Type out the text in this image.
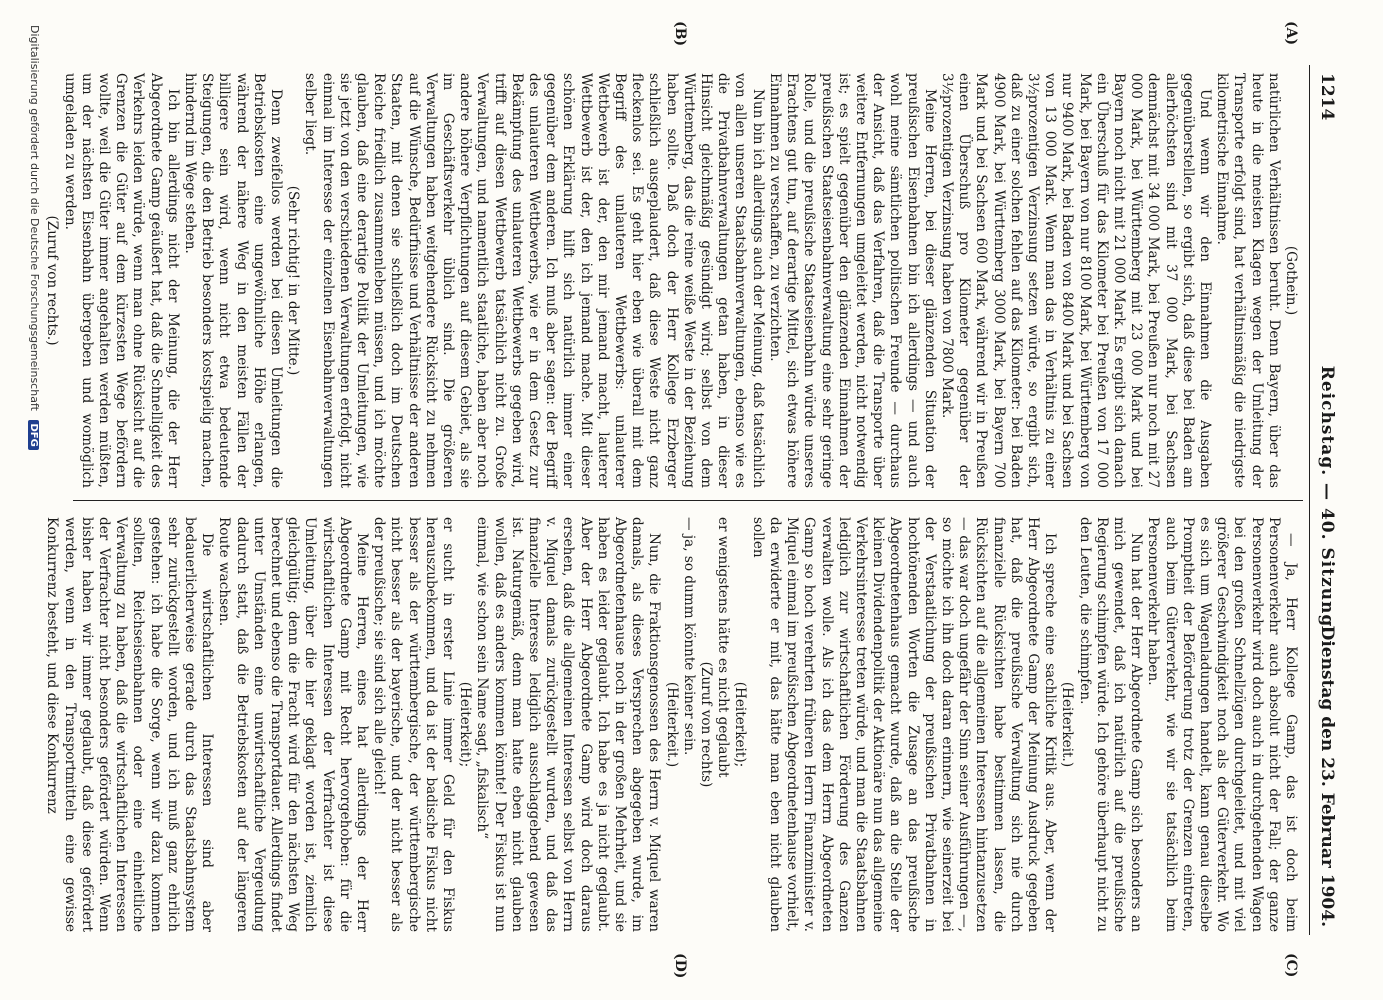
1214
Reichstag. — 40. Sitzung.
Dienstag den 23. Februar 1904.
(A)
(B)
(C)
(D)

(Gothein.)

natürlichen Verhältnissen beruht. Denn Bayern, über das heute in die meisten Klagen wegen der Umleitung der Transporte erfolgt sind, hat verhältnismäßig die niedrigste kilometrische Einnahme.

Und wenn wir den Einnahmen die Ausgaben gegenüberstellen, so ergibt sich, daß diese bei Baden am allerhöchsten sind mit 37 000 Mark, bei Sachsen demnächst mit 34 000 Mark, bei Preußen nur noch mit 27 000 Mark, bei Württemberg mit 23 000 Mark und bei Bayern noch nicht mit 21 000 Mark. Es ergibt sich danach ein Überschuß für das Kilometer bei Preußen von 17 000 Mark, bei Bayern von nur 8100 Mark, bei Württemberg von nur 9400 Mark, bei Baden von 8400 Mark und bei Sachsen von 13 000 Mark. Wenn man das in Verhältnis zu einer 3½prozentigen Verzinsung setzen würde, so ergibt sich, daß zu einer solchen fehlen auf das Kilometer: bei Baden 4900 Mark, bei Württemberg 3000 Mark, bei Bayern 700 Mark und bei Sachsen 600 Mark, während wir in Preußen einen Überschuß pro Kilometer gegenüber der 3½prozentigen Verzinsung haben von 7800 Mark.

Meine Herren, bei dieser glänzenden Situation der preußischen Eisenbahnen bin ich allerdings — und auch wohl meine sämtlichen politischen Freunde — durchaus der Ansicht, daß das Verfahren, daß die Transporte über weitere Entfernungen umgeleitet werden, nicht notwendig ist; es spielt gegenüber den glänzenden Einnahmen der preußischen Staatseisenbahnverwaltung eine sehr geringe Rolle, und die preußische Staatseisenbahn würde unseres Erachtens gut tun, auf derartige Mittel, sich etwas höhere Einnahmen zu verschaffen, zu verzichten.

Nun bin ich allerdings auch der Meinung, daß tatsächlich von allen unseren Staatsbahnverwaltungen, ebenso wie es die Privatbahnverwaltungen getan haben, in dieser Hinsicht gleichmäßig gesündigt wird; selbst von dem Württemberg, das die reine weiße Weste in der Beziehung haben sollte. Daß doch der Herr Kollege Erzberger schließlich ausgeplaudert, daß diese Weste nicht ganz fleckenlos sei. Es geht hier eben wie überall mit dem Begriff des unlauteren Wettbewerbs: unlauterer Wettbewerb ist der, den mir jemand macht, lauterer Wettbewerb ist der, den ich jemand mache. Mit dieser schönen Erklärung hilft sich natürlich immer einer gegenüber dem anderen. Ich muß aber sagen: der Begriff des unlauteren Wettbewerbs, wie er in dem Gesetz zur Bekämpfung des unlauteren Wettbewerbs gegeben wird, trifft auf diesen Wettbewerb tatsächlich nicht zu. Große Verwaltungen, und namentlich staatliche, haben aber noch andere höhere Verpflichtungen auf diesem Gebiet, als sie im Geschäftsverkehr üblich sind. Die größeren Verwaltungen haben weitgehendere Rücksicht zu nehmen auf die Wünsche, Bedürfnisse und Verhältnisse der anderen Staaten, mit denen sie schließlich doch im Deutschen Reiche friedlich zusammenleben müssen, und ich möchte glauben, daß eine derartige Politik der Umleitungen, wie sie jetzt von den verschiedenen Verwaltungen erfolgt, nicht einmal im Interesse der einzelnen Eisenbahnverwaltungen selber liegt.

(Sehr richtig! in der Mitte.)

Denn zweifellos werden bei diesen Umleitungen die Betriebskosten eine ungewöhnliche Höhe erlangen, während der nähere Weg in den meisten Fällen der billigere sein wird, wenn nicht etwa bedeutende Steigungen, die den Betrieb besonders kostspielig machen, hindernd im Wege stehen.

Ich bin allerdings nicht der Meinung, die der Herr Abgeordnete Gamp geäußert hat, daß die Schnelligkeit des Verkehrs leiden würde, wenn man ohne Rücksicht auf die Grenzen die Güter auf dem kürzesten Wege befördern wollte, weil die Güter immer angehalten werden müßten, um der nächsten Eisenbahn übergeben und womöglich umgeladen zu werden.

(Zuruf von rechts.)

— Ja, Herr Kollege Gamp, das ist doch beim Personenverkehr auch absolut nicht der Fall; der ganze Personenverkehr wird doch auch in durchgehenden Wagen bei den großen Schnellzügen durchgeleitet, und mit viel größerer Geschwindigkeit noch als der Güterverkehr. Wo es sich um Wagenladungen handelt, kann genau dieselbe Promptheit der Beförderung trotz der Grenzen eintreten, auch beim Güterverkehr, wie wir sie tatsächlich beim Personenverkehr haben.

Nun hat der Herr Abgeordnete Gamp sich besonders an mich gewendet, daß ich natürlich auf die preußische Regierung schimpfen würde. Ich gehöre überhaupt nicht zu den Leuten, die schimpfen.

(Heiterkeit.)

Ich spreche eine sachliche Kritik aus. Aber, wenn der Herr Abgeordnete Gamp der Meinung Ausdruck gegeben hat, daß die preußische Verwaltung sich nie durch finanzielle Rücksichten habe bestimmen lassen, die Rücksichten auf die allgemeinen Interessen hintanzusetzen — das war doch ungefähr der Sinn seiner Ausführungen —, so möchte ich ihn doch daran erinnern, wie seinerzeit bei der Verstaatlichung der preußischen Privatbahnen in hochtönenden Worten die Zusage an das preußische Abgeordnetenhaus gemacht wurde, daß an die Stelle der kleinen Dividendenpolitik der Aktionäre nun das allgemeine Verkehrsinteresse treten würde, und man die Staatsbahnen lediglich zur wirtschaftlichen Förderung des Ganzen verwalten wolle. Als ich das dem Herrn Abgeordneten Gamp so hoch verehrten früheren Herrn Finanzminister v. Miquel einmal im preußischen Abgeordnetenhause vorhielt, da erwiderte er mit, das hätte man eben nicht glauben sollen

(Heiterkeit);

er wenigstens hätte es nicht geglaubt

(Zuruf von rechts)

— ja, so dumm könnte keiner sein.

(Heiterkeit.)

Nun, die Fraktionsgenossen des Herrn v. Miquel waren damals, als dieses Versprechen abgegeben wurde, im Abgeordnetenhause noch in der großen Mehrheit, und sie haben es leider geglaubt. Ich habe es ja nicht geglaubt. Aber der Herr Abgeordnete Gamp wird doch daraus ersehen, daß die allgemeinen Interessen selbst von Herrn v. Miquel damals zurückgestellt wurden, und daß das finanzielle Interesse lediglich ausschlaggebend gewesen ist. Naturgemäß, denn man hatte eben nicht glauben wollen, daß es anders kommen könnte! Der Fiskus ist nun einmal, wie schon sein Name sagt, „fiskalisch“

(Heiterkeit);

er sucht in erster Linie immer Geld für den Fiskus herauszubekommen, und da ist der badische Fiskus nicht besser als der württembergische, der württembergische nicht besser als der bayerische, und der nicht besser als der preußische; sie sind sich alle gleich!

Meine Herren, eines hat allerdings der Herr Abgeordnete Gamp mit Recht hervorgehoben: für die wirtschaftlichen Interessen der Verfrachter ist diese Umleitung, über die hier geklagt worden ist, ziemlich gleichgültig; denn die Fracht wird für den nächsten Weg berechnet und ebenso die Transportdauer. Allerdings findet unter Umständen eine unwirtschaftliche Vergeudung dadurch statt, daß die Betriebskosten auf der längeren Route wachsen.

Die wirtschaftlichen Interessen sind aber bedauerlicherweise gerade durch das Staatsbahnsystem sehr zurückgestellt worden, und ich muß ganz ehrlich gestehen: ich habe die Sorge, wenn wir dazu kommen sollten, Reichseisenbahnen oder eine einheitliche Verwaltung zu haben, daß die wirtschaftlichen Interessen der Verfrachter nicht besonders gefördert würden. Wenn bisher haben wir immer geglaubt, daß diese gefördert werden, wenn in den Transportmitteln eine gewisse Konkurrenz besteht, und diese Konkurrenz

Digitalisierung gefördert durch die Deutsche Forschungsgemeinschaft DFG
